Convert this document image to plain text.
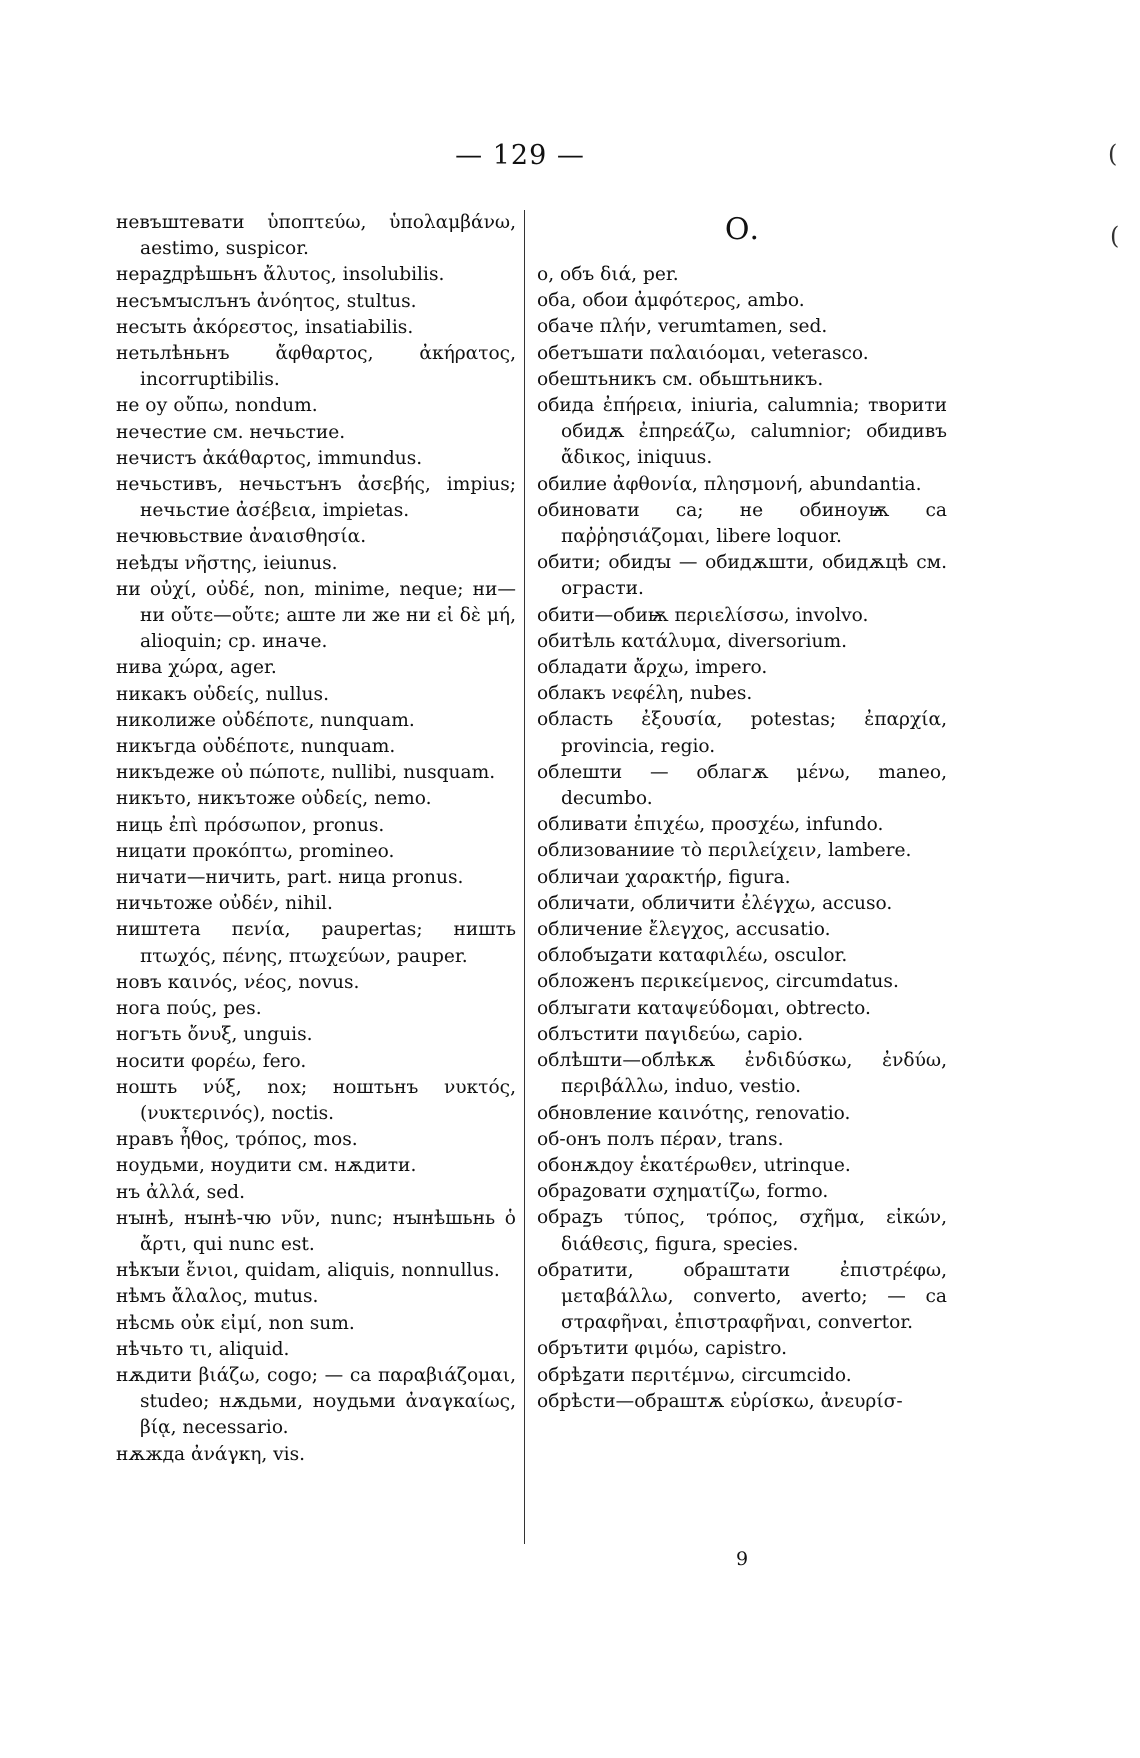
— 129 —	(
(
невъштевати ὑποπτεύω, ὑπολαμβάνω, aestimo, suspicor.
нераꙁдрѣшьнъ ἄλυτος, insolubilis.
несъмꙑслънъ ἀνόητος, stultus.
несꙑть ἀκόρεστος, insatiabilis.
нетьлѣньнъ ἄφθαρτος, ἀκήρατος, incorruptibilis.
не оу οὔπω, nondum.
нечестие см. нечьстие.
нечистъ ἀκάθαρτος, immundus.
нечьстивъ, нечьстънъ ἀσεβής, impius; нечьстие ἀσέβεια, impietas.
нечювьствие ἀναισθησία.
неѣдꙑ νῆστης, ieiunus.
ни οὐχί, οὐδέ, non, minime, neque; ни—ни οὔτε—οὔτε; аште ли же ни εἰ δὲ μή, alioquin; cp. иначе.
нива χώρα, ager.
никакъ οὐδείς, nullus.
николиже οὐδέποτε, nunquam.
никъгда οὐδέποτε, nunquam.
никъдеже οὐ πώποτε, nullibi, nusquam.
никъто, никътоже οὐδείς, nemo.
ниць ἐπὶ πρόσωπον, pronus.
ницати προκόπτω, promineo.
ничати—ничить, part. ница pronus.
ничьтоже οὐδέν, nihil.
ништета πενία, paupertas; ништь πτωχός, πένης, πτωχεύων, pauper.
новъ καινός, νέος, novus.
нога πούς, pes.
ногъть ὄνυξ, unguis.
носити φορέω, fero.
ношть νύξ, nox; ноштьнъ νυκτός, (νυκτερινός), noctis.
нравъ ἦθος, τρόπος, mos.
ноудьми, ноудити см. нѫдити.
нъ ἀλλά, sed.
нꙑнѣ, нꙑнѣ-чю νῦν, nunc; нꙑнѣшьнь ὁ ἄρτι, qui nunc est.
нѣкꙑи ἔνιοι, quidam, aliquis, nonnullus.
нѣмъ ἄλαλος, mutus.
нѣсмь οὐκ εἰμί, non sum.
нѣчьто τι, aliquid.
нѫдити βιάζω, cogo; — са παραβιάζομαι, studeo; нѫдьми, ноудьми ἀναγκαίως, βίᾳ, necessario.
нѫжда ἀνάγκη, vis.
О.
о, объ διά, per.
оба, обои ἀμφότερος, ambo.
обаче πλήν, verumtamen, sed.
обетъшати παλαιόομαι, veterasco.
обештьникъ см. обьштьникъ.
обида ἐπήρεια, iniuria, calumnia; творити обидѫ ἐπηρεάζω, calumnior; обидивъ ἄδικος, iniquus.
обилие ἀφθονία, πλησμονή, abundantia.
обиновати са; не обиноуѭ са παῤῥησιάζομαι, libere loquor.
обити; обидꙑ — обидѫшти, обидѫцѣ см. ограсти.
обити—обиѭ περιελίσσω, involvo.
обитѣль κατάλυμα, diversorium.
обладати ἄρχω, impero.
облакъ νεφέλη, nubes.
область ἐξουσία, potestas; ἐπαρχία, provincia, regio.
облешти — облагѫ μένω, maneo, decumbo.
обливати ἐπιχέω, προσχέω, infundo.
облизованиие τὸ περιλείχειν, lambere.
обличаи χαρακτήρ, figura.
обличати, обличити ἐλέγχω, accuso.
обличение ἔλεγχος, accusatio.
облобꙑꙁати καταφιλέω, osculor.
обложенъ περικείμενος, circumdatus.
облꙑгати καταψεύδομαι, obtrecto.
облъстити παγιδεύω, capio.
облѣшти—облѣкѫ ἐνδιδύσκω, ἐνδύω, περιβάλλω, induo, vestio.
обновление καινότης, renovatio.
об-онъ полъ πέραν, trans.
обонѫдоу ἑκατέρωθεν, utrinque.
обраꙁовати σχηματίζω, formo.
обраꙁъ τύπος, τρόπος, σχῆμα, εἰκών, διάθεσις, figura, species.
обратити, обраштати ἐπιστρέφω, μεταβάλλω, converto, averto; — са στραφῆναι, ἐπιστραφῆναι, convertor.
обрътити φιμόω, capistro.
обрѣꙁати περιτέμνω, circumcido.
обрѣсти—обраштѫ εὑρίσκω, ἀνευρίσ-
9
